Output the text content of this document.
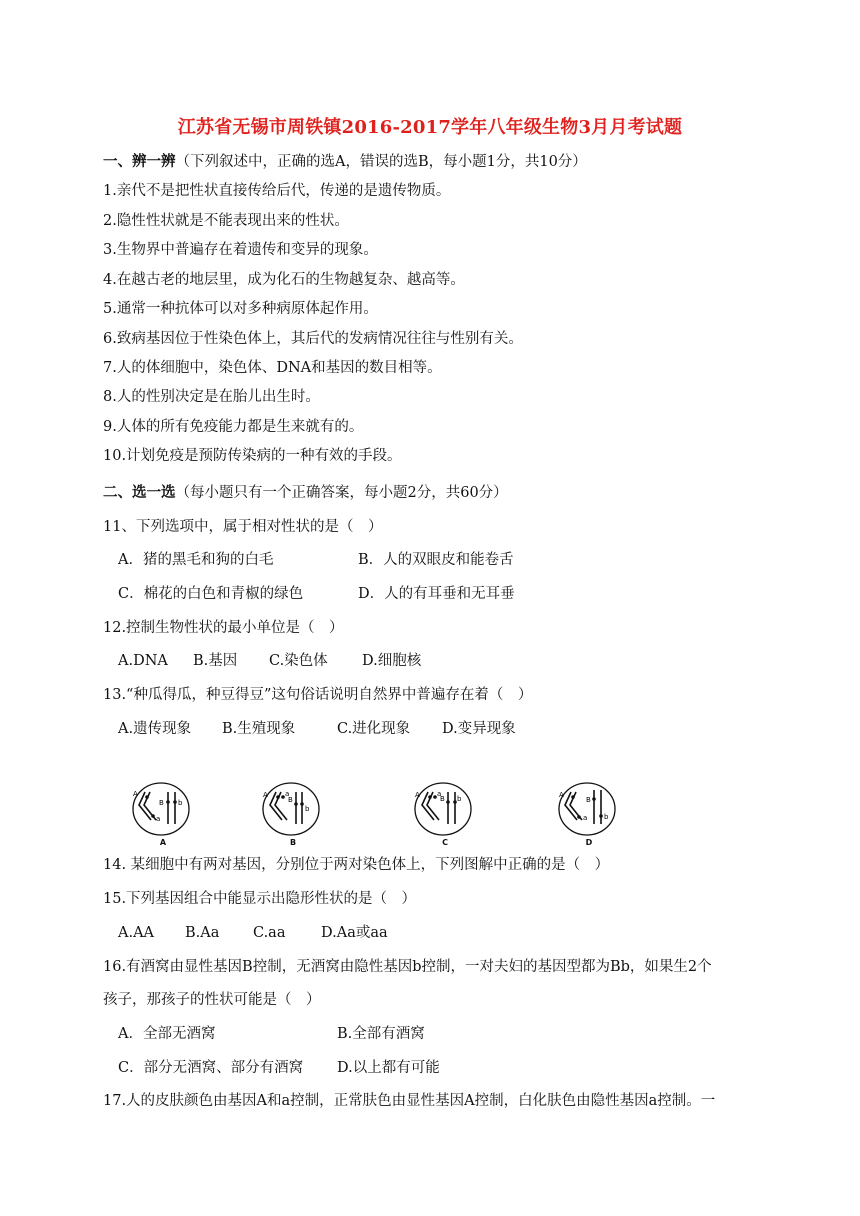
江苏省无锡市周铁镇2016-2017学年八年级生物3月月考试题
一、辨一辨（下列叙述中，正确的选A，错误的选B，每小题1分，共10分）
1.亲代不是把性状直接传给后代，传递的是遗传物质。
2.隐性性状就是不能表现出来的性状。
3.生物界中普遍存在着遗传和变异的现象。
4.在越古老的地层里，成为化石的生物越复杂、越高等。
5.通常一种抗体可以对多种病原体起作用。
6.致病基因位于性染色体上，其后代的发病情况往往与性别有关。
7.人的体细胞中，染色体、DNA和基因的数目相等。
8.人的性别决定是在胎儿出生时。
9.人体的所有免疫能力都是生来就有的。
10.计划免疫是预防传染病的一种有效的手段。
二、选一选（每小题只有一个正确答案，每小题2分，共60分）
11、下列选项中，属于相对性状的是（　）
A．猪的黑毛和狗的白毛	B．人的双眼皮和能卷舌
C．棉花的白色和青椒的绿色	D．人的有耳垂和无耳垂
12.控制生物性状的最小单位是（　）
A.DNA B.基因 C.染色体 D.细胞核
13.“种瓜得瓜，种豆得豆”这句俗话说明自然界中普遍存在着（　）
A.遗传现象 B.生殖现象	C.进化现象 D.变异现象
A
a
B b
A
A a
B
b
B
A a
B b
C
A
a
B
b
D
14. 某细胞中有两对基因，分别位于两对染色体上，下列图解中正确的是（　）
15.下列基因组合中能显示出隐形性状的是（　）
A.AA B.Aa C.aa D.Aa或aa
16.有酒窝由显性基因B控制，无酒窝由隐性基因b控制，一对夫妇的基因型都为Bb，如果生2个
孩子，那孩子的性状可能是（　）
A．全部无酒窝	B.全部有酒窝
C．部分无酒窝、部分有酒窝 D.以上都有可能
17.人的皮肤颜色由基因A和a控制，正常肤色由显性基因A控制，白化肤色由隐性基因a控制。一
